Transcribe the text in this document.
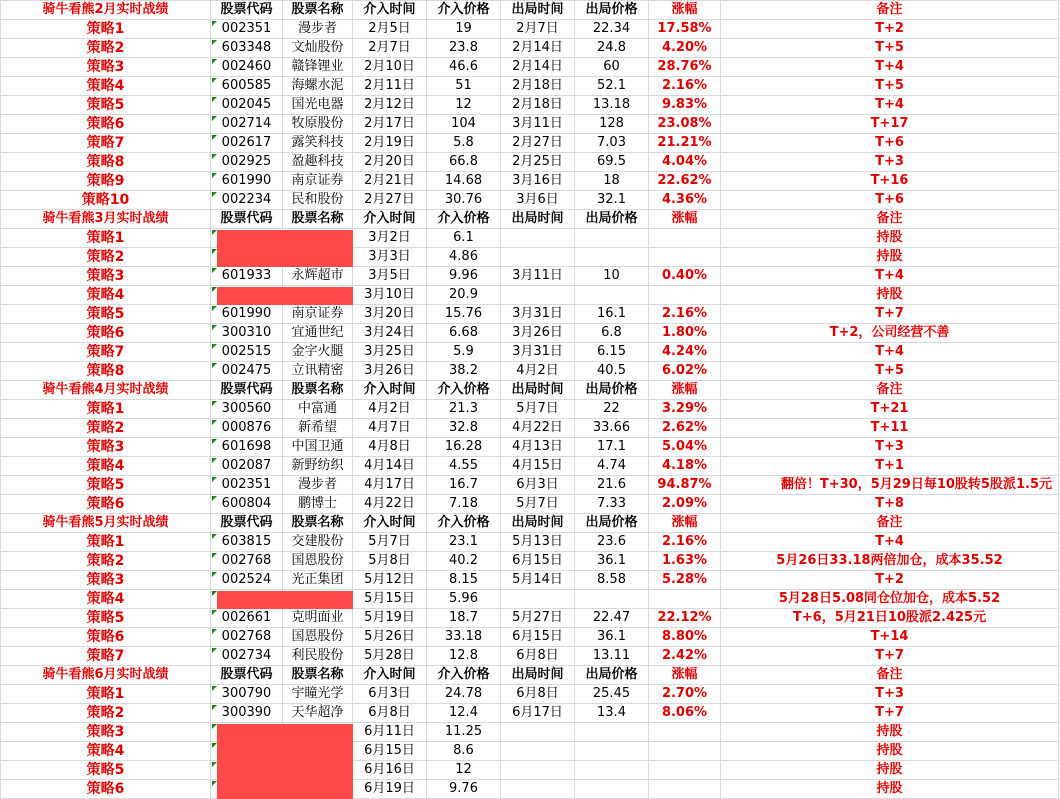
骑牛看熊2月实时战绩	股票代码	股票名称	介入时间	介入价格	出局时间	出局价格	涨幅	备注
策略1	002351	漫步者	2月5日	19	2月7日	22.34	17.58%	T+2
策略2	603348	文灿股份	2月7日	23.8	2月14日	24.8	4.20%	T+5
策略3	002460	赣锋锂业	2月10日	46.6	2月14日	60	28.76%	T+4
策略4	600585	海螺水泥	2月11日	51	2月18日	52.1	2.16%	T+5
策略5	002045	国光电器	2月12日	12	2月18日	13.18	9.83%	T+4
策略6	002714	牧原股份	2月17日	104	3月11日	128	23.08%	T+17
策略7	002617	露笑科技	2月19日	5.8	2月27日	7.03	21.21%	T+6
策略8	002925	盈趣科技	2月20日	66.8	2月25日	69.5	4.04%	T+3
策略9	601990	南京证券	2月21日	14.68	3月16日	18	22.62%	T+16
策略10	002234	民和股份	2月27日	30.76	3月6日	32.1	4.36%	T+6
骑牛看熊3月实时战绩	股票代码	股票名称	介入时间	介入价格	出局时间	出局价格	涨幅	备注
策略1			3月2日	6.1				持股
策略2			3月3日	4.86				持股
策略3	601933	永辉超市	3月5日	9.96	3月11日	10	0.40%	T+4
策略4			3月10日	20.9				持股
策略5	601990	南京证券	3月20日	15.76	3月31日	16.1	2.16%	T+7
策略6	300310	宜通世纪	3月24日	6.68	3月26日	6.8	1.80%	T+2，公司经营不善
策略7	002515	金字火腿	3月25日	5.9	3月31日	6.15	4.24%	T+4
策略8	002475	立讯精密	3月26日	38.2	4月2日	40.5	6.02%	T+5
骑牛看熊4月实时战绩	股票代码	股票名称	介入时间	介入价格	出局时间	出局价格	涨幅	备注
策略1	300560	中富通	4月2日	21.3	5月7日	22	3.29%	T+21
策略2	000876	新希望	4月7日	32.8	4月22日	33.66	2.62%	T+11
策略3	601698	中国卫通	4月8日	16.28	4月13日	17.1	5.04%	T+3
策略4	002087	新野纺织	4月14日	4.55	4月15日	4.74	4.18%	T+1
策略5	002351	漫步者	4月17日	16.7	6月3日	21.6	94.87%	翻倍！T+30，5月29日每10股转5股派1.5元
策略6	600804	鹏博士	4月22日	7.18	5月7日	7.33	2.09%	T+8
骑牛看熊5月实时战绩	股票代码	股票名称	介入时间	介入价格	出局时间	出局价格	涨幅	备注
策略1	603815	交建股份	5月7日	23.1	5月13日	23.6	2.16%	T+4
策略2	002768	国恩股份	5月8日	40.2	6月15日	36.1	1.63%	5月26日33.18两倍加仓，成本35.52
策略3	002524	光正集团	5月12日	8.15	5月14日	8.58	5.28%	T+2
策略4			5月15日	5.96				5月28日5.08同仓位加仓，成本5.52
策略5	002661	克明面业	5月19日	18.7	5月27日	22.47	22.12%	T+6，5月21日10股派2.425元
策略6	002768	国恩股份	5月26日	33.18	6月15日	36.1	8.80%	T+14
策略7	002734	利民股份	5月28日	12.8	6月8日	13.11	2.42%	T+7
骑牛看熊6月实时战绩	股票代码	股票名称	介入时间	介入价格	出局时间	出局价格	涨幅	备注
策略1	300790	宇瞳光学	6月3日	24.78	6月8日	25.45	2.70%	T+3
策略2	300390	天华超净	6月8日	12.4	6月17日	13.4	8.06%	T+7
策略3			6月11日	11.25				持股
策略4			6月15日	8.6				持股
策略5			6月16日	12				持股
策略6			6月19日	9.76				持股
